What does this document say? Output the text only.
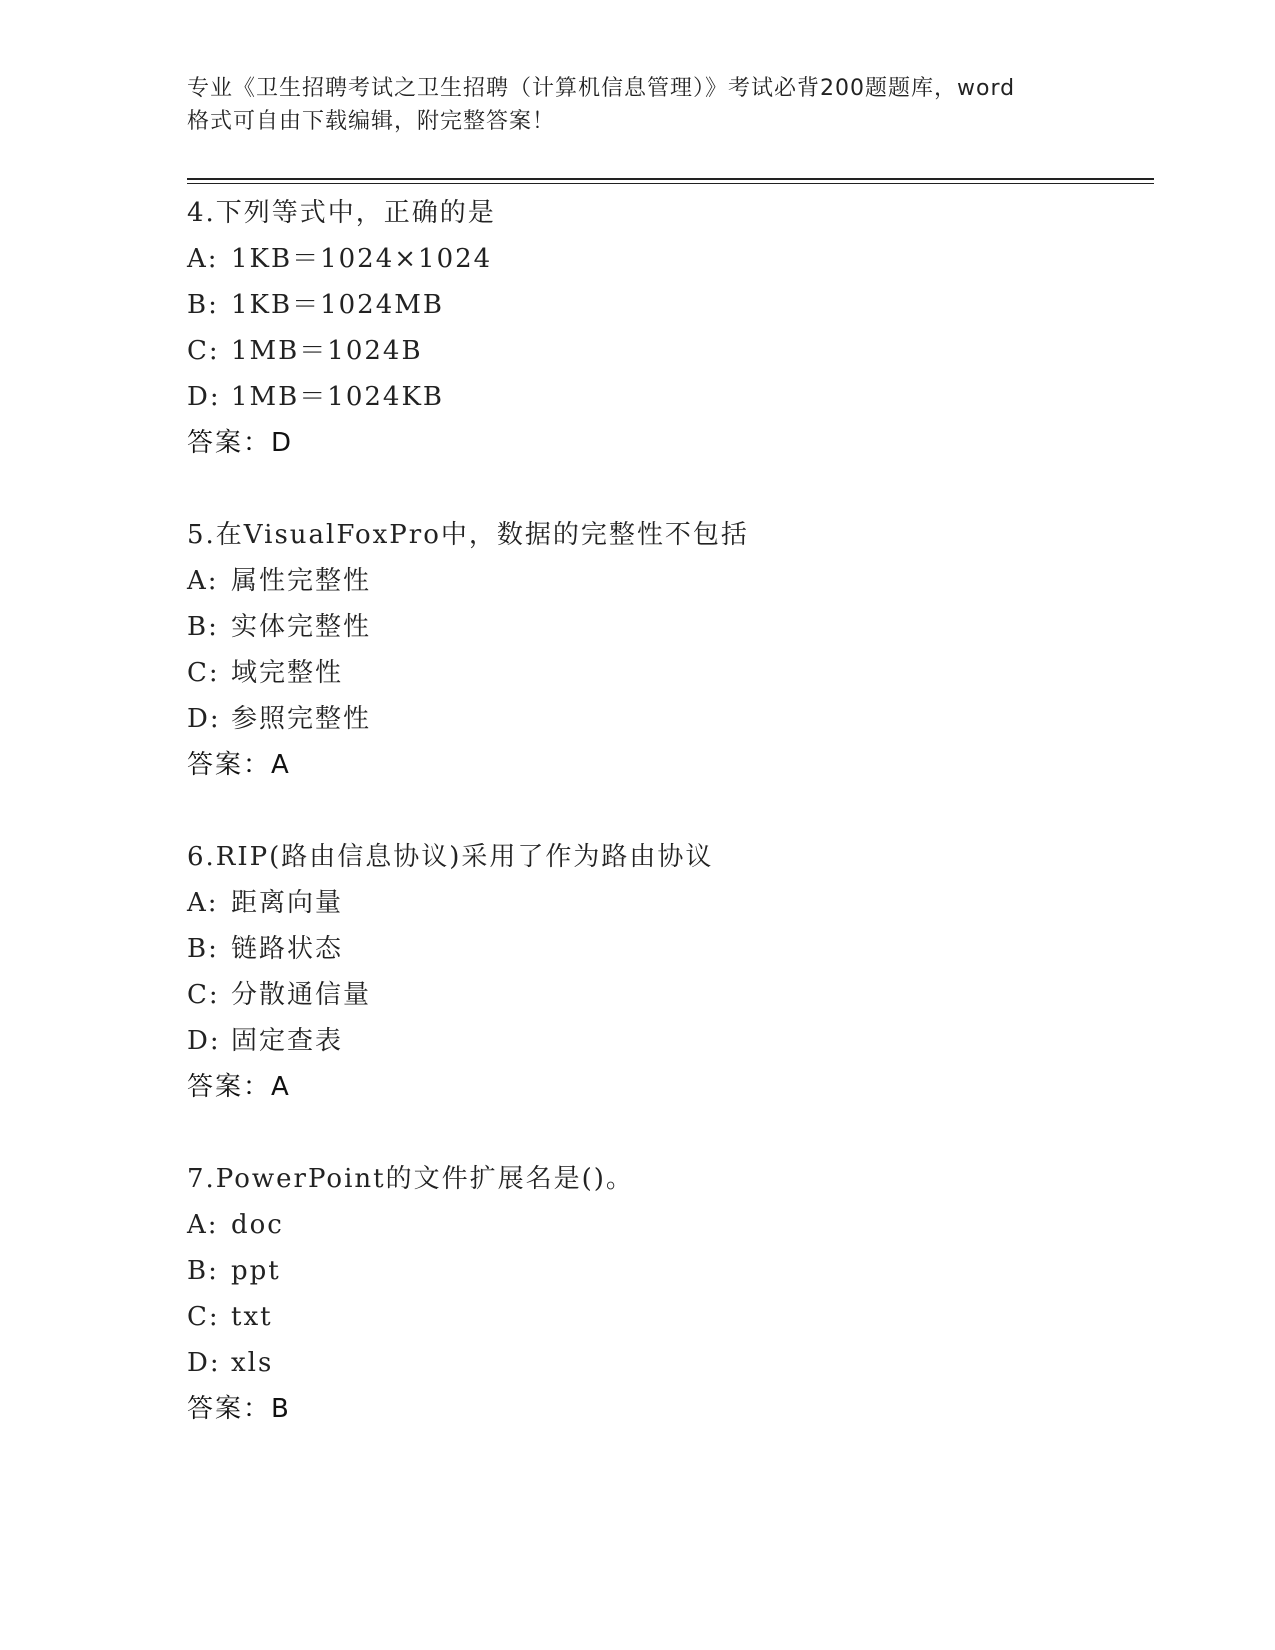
专业《卫生招聘考试之卫生招聘（计算机信息管理）》考试必背200题题库，word
格式可自由下载编辑，附完整答案！
4.下列等式中，正确的是
A: 1KB＝1024×1024
B: 1KB＝1024MB
C: 1MB＝1024B
D: 1MB＝1024KB
答案：D
5.在VisualFoxPro中，数据的完整性不包括
A: 属性完整性
B: 实体完整性
C: 域完整性
D: 参照完整性
答案：A
6.RIP(路由信息协议)采用了作为路由协议
A: 距离向量
B: 链路状态
C: 分散通信量
D: 固定查表
答案：A
7.PowerPoint的文件扩展名是()。
A: doc
B: ppt
C: txt
D: xls
答案：B
